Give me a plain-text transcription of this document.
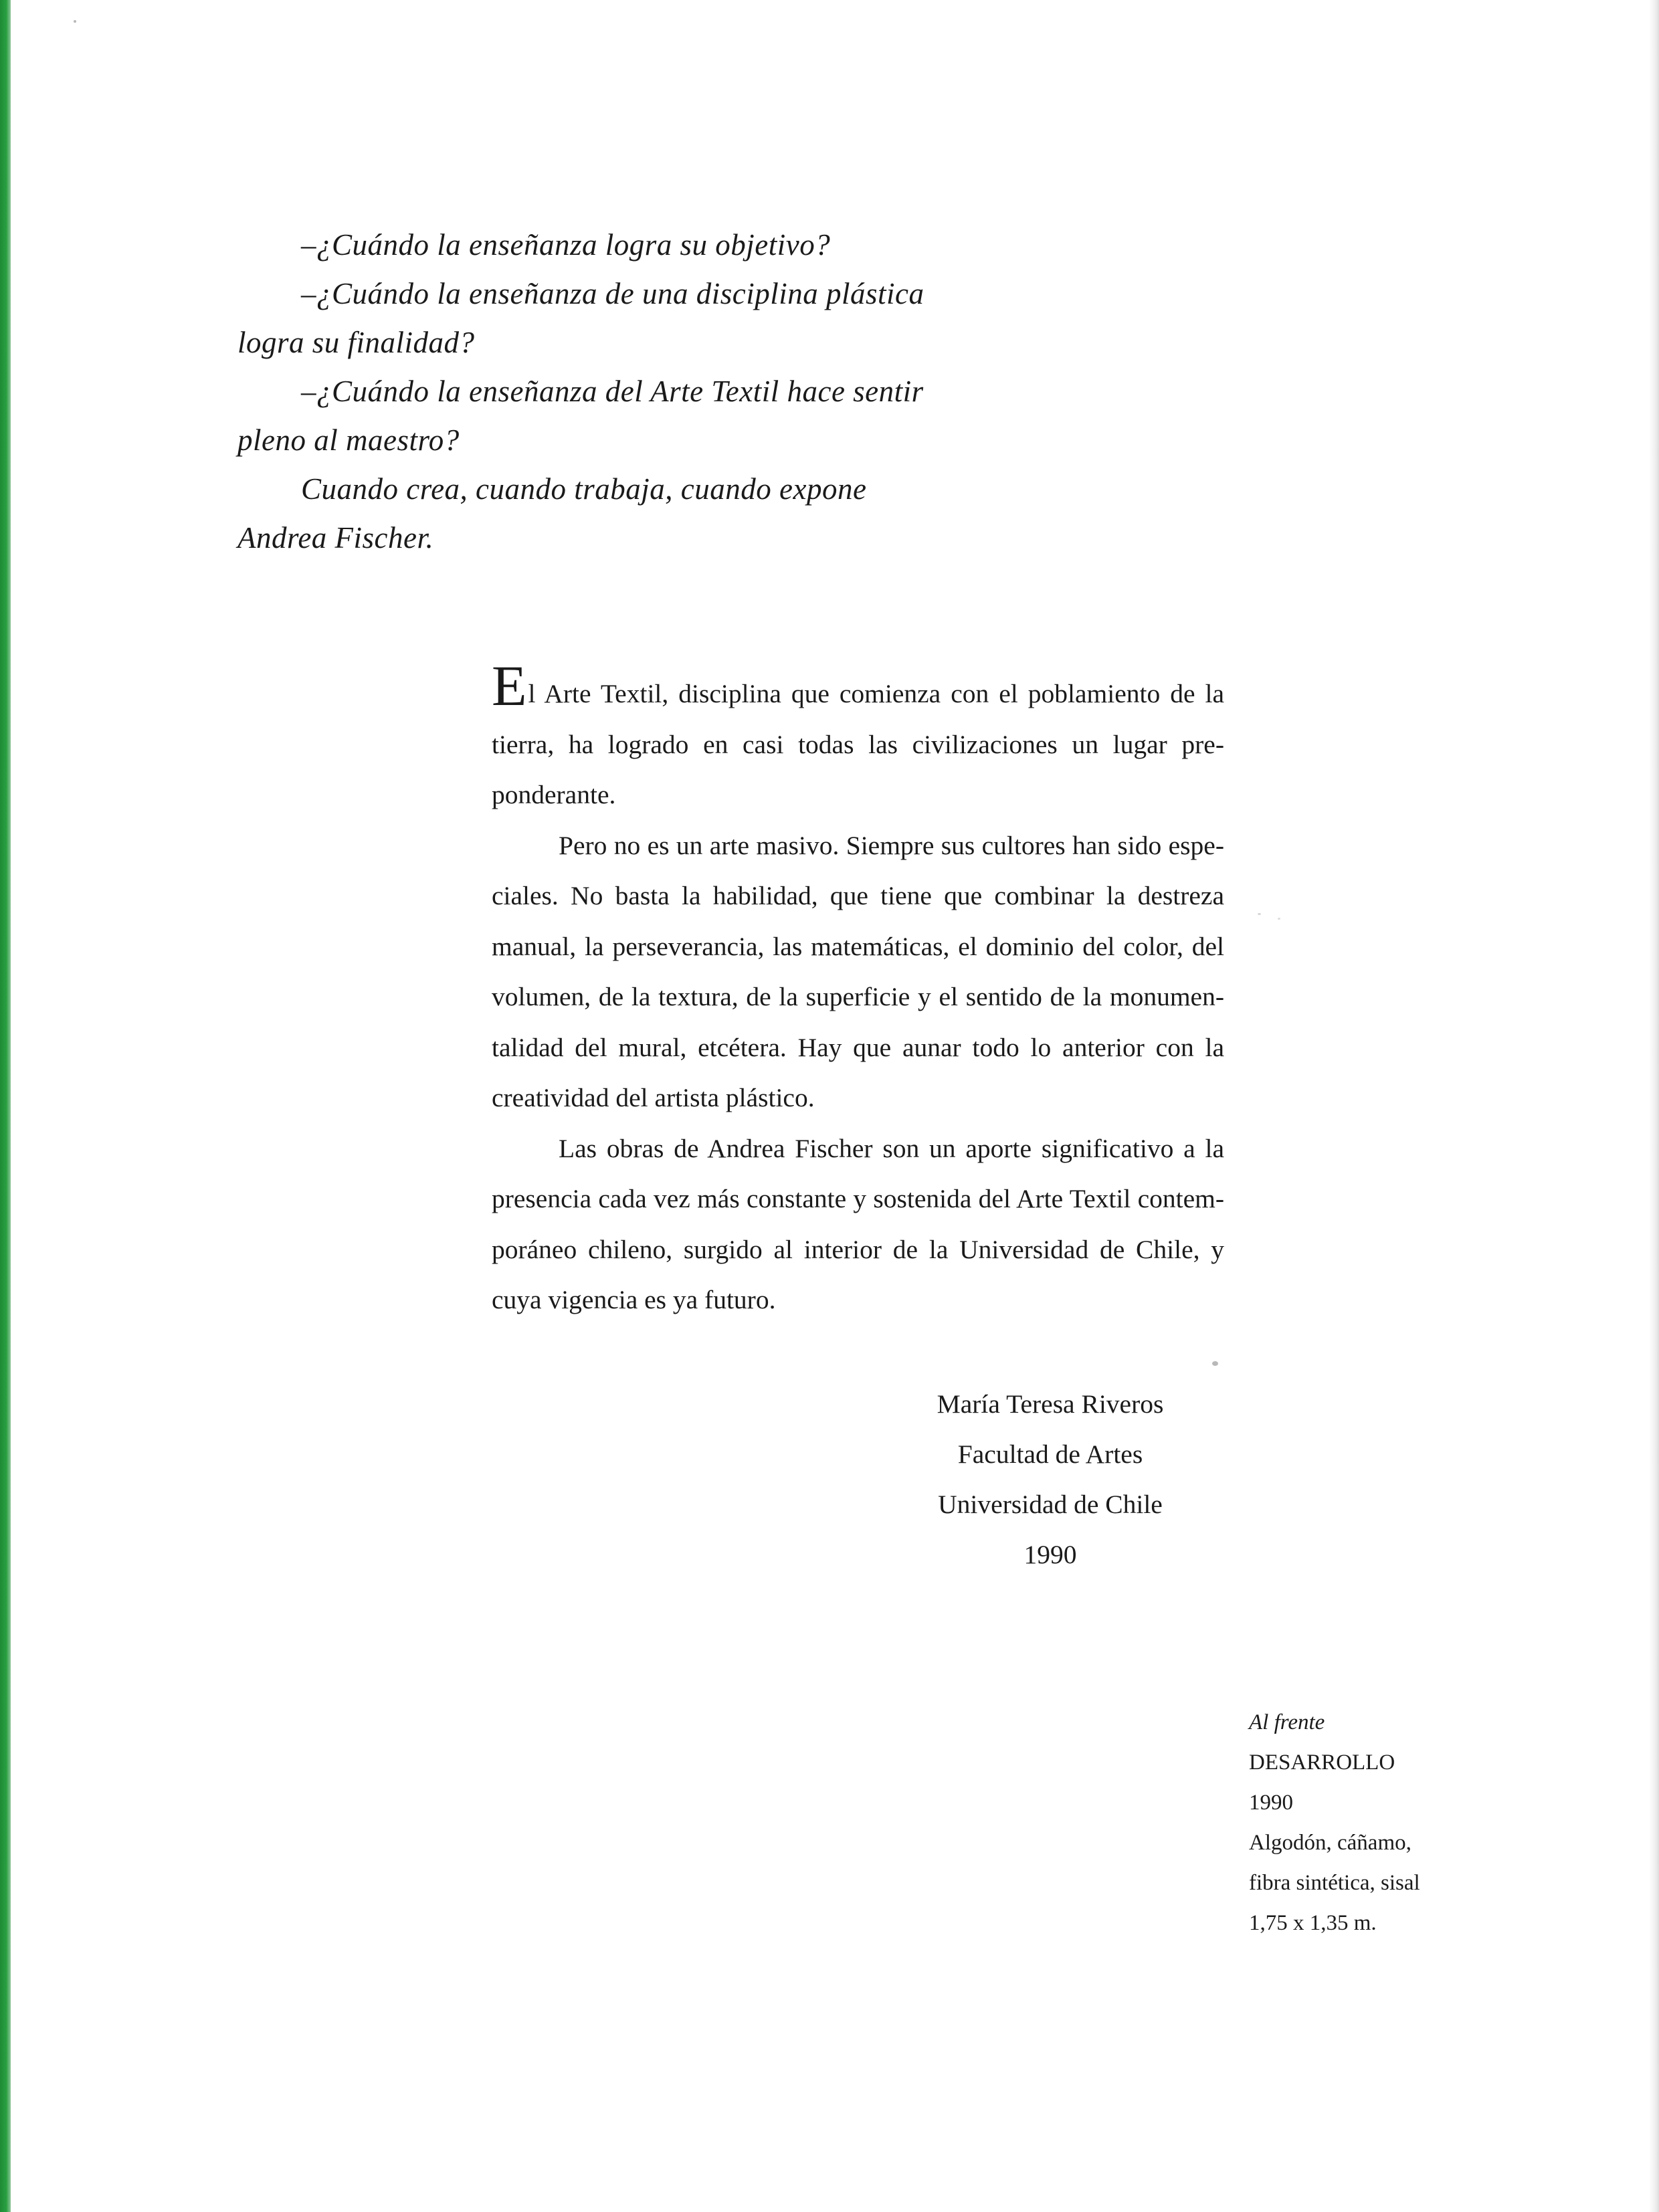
–¿Cuándo la enseñanza logra su objetivo?

–¿Cuándo la enseñanza de una disciplina plástica

logra su finalidad?

–¿Cuándo la enseñanza del Arte Textil hace sentir

pleno al maestro?

Cuando crea, cuando trabaja, cuando expone

Andrea Fischer.

El Arte Textil, disciplina que comienza con el poblamiento de la tierra, ha logrado en casi todas las civilizaciones un lugar preponderante.

Pero no es un arte masivo. Siempre sus cultores han sido especiales. No basta la habilidad, que tiene que combinar la destreza manual, la perseverancia, las matemáticas, el dominio del color, del volumen, de la textura, de la superficie y el sentido de la monumentalidad del mural, etcétera. Hay que aunar todo lo anterior con la creatividad del artista plástico.

Las obras de Andrea Fischer son un aporte significativo a la presencia cada vez más constante y sostenida del Arte Textil contemporáneo chileno, surgido al interior de la Universidad de Chile, y cuya vigencia es ya futuro.

María Teresa Riveros
Facultad de Artes
Universidad de Chile
1990
Al frente
DESARROLLO
1990
Algodón, cáñamo,
fibra sintética, sisal
1,75 x 1,35 m.
